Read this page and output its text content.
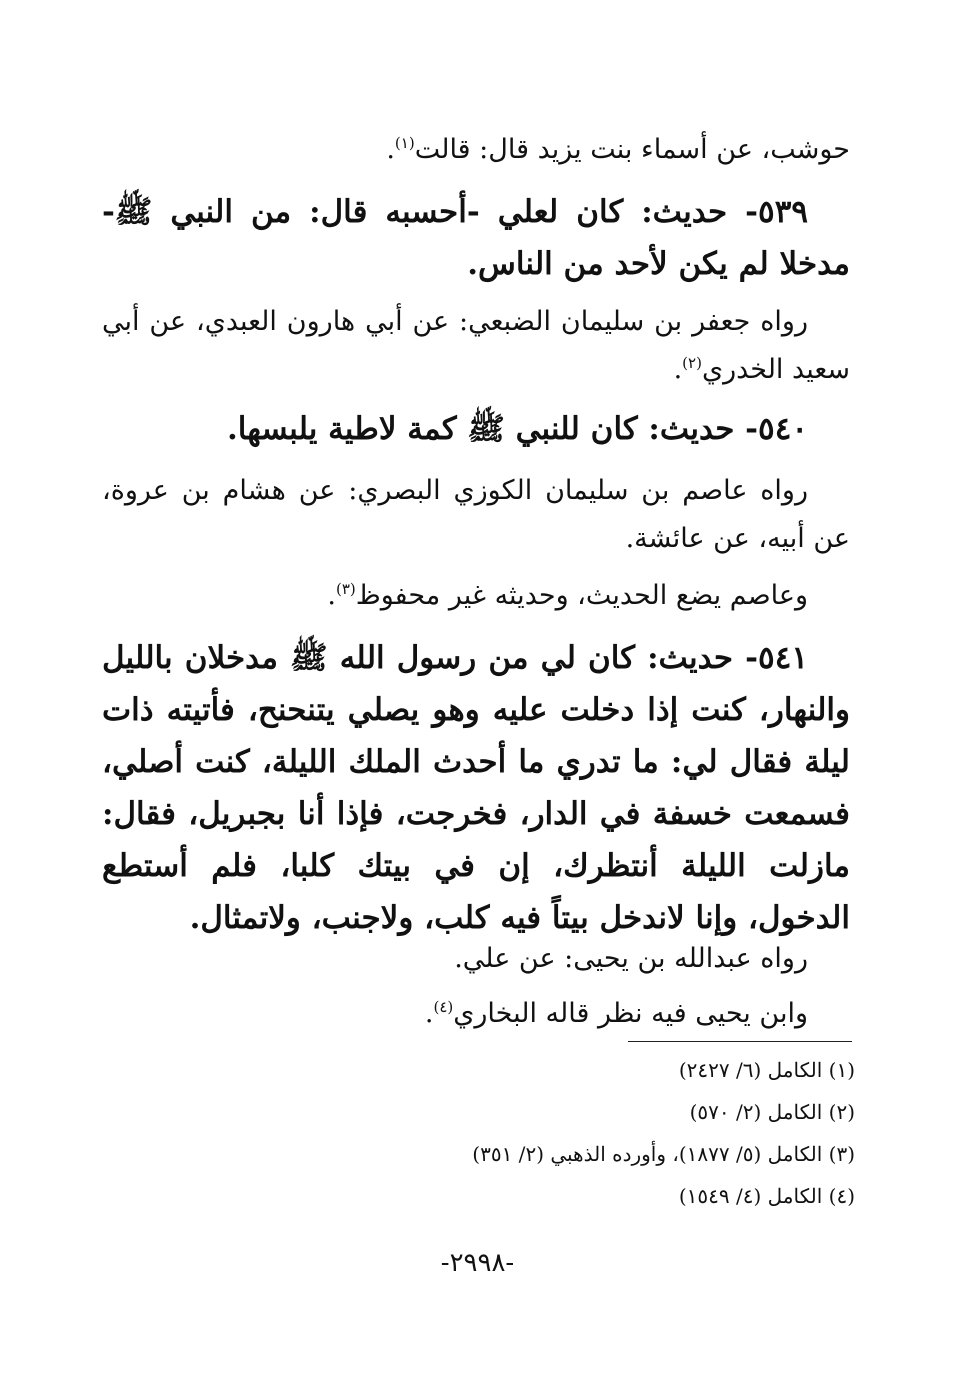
حوشب، عن أسماء بنت يزيد قال: قالت$^{(١)}$.
٥٣٩- حديث: كان لعلي -أحسبه قال: من النبي ﷺ- مدخلا لم يكن لأحد من الناس.
رواه جعفر بن سليمان الضبعي: عن أبي هارون العبدي، عن أبي سعيد الخدري$^{(٢)}$.
٥٤٠- حديث: كان للنبي ﷺ كمة لاطية يلبسها.
رواه عاصم بن سليمان الكوزي البصري: عن هشام بن عروة، عن أبيه، عن عائشة.
وعاصم يضع الحديث، وحديثه غير محفوظ$^{(٣)}$.
٥٤١- حديث: كان لي من رسول الله ﷺ مدخلان بالليل والنهار، كنت إذا دخلت عليه وهو يصلي يتنحنح، فأتيته ذات ليلة فقال لي: ما تدري ما أحدث الملك الليلة، كنت أصلي، فسمعت خسفة في الدار، فخرجت، فإذا أنا بجبريل، فقال: مازلت الليلة أنتظرك، إن في بيتك كلبا، فلم أستطع الدخول، وإنا لاندخل بيتاً فيه كلب، ولاجنب، ولاتمثال.
رواه عبدالله بن يحيى: عن علي.
وابن يحيى فيه نظر قاله البخاري$^{(٤)}$.
(١) الكامل (٦/ ٢٤٢٧)
(٢) الكامل (٢/ ٥٧٠)
(٣) الكامل (٥/ ١٨٧٧)، وأورده الذهبي (٢/ ٣٥١)
(٤) الكامل (٤/ ١٥٤٩)
-٢٩٩٨-
